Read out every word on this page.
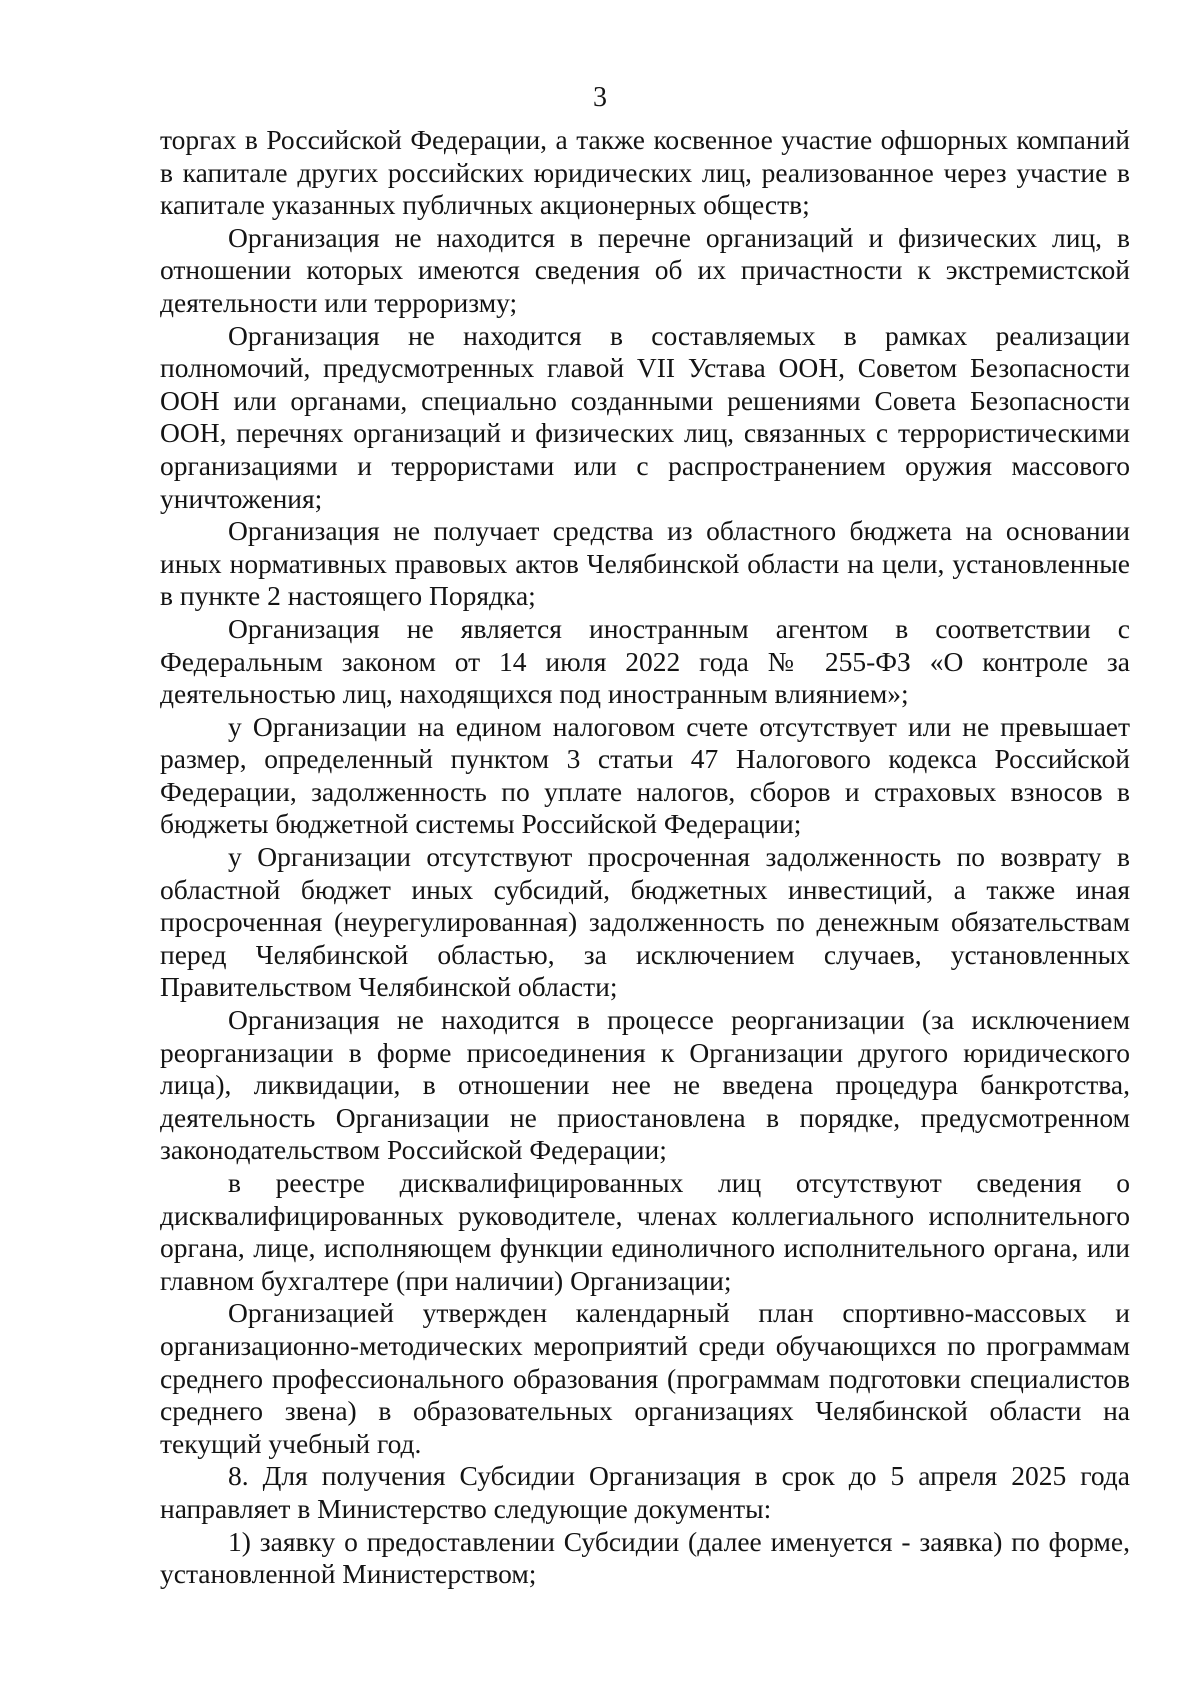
3

торгах в Российской Федерации, а также косвенное участие офшорных компаний в капитале других российских юридических лиц, реализованное через участие в капитале указанных публичных акционерных обществ;

Организация не находится в перечне организаций и физических лиц, в отношении которых имеются сведения об их причастности к экстремистской деятельности или терроризму;

Организация не находится в составляемых в рамках реализации полномочий, предусмотренных главой VII Устава ООН, Советом Безопасности ООН или органами, специально созданными решениями Совета Безопасности ООН, перечнях организаций и физических лиц, связанных с террористическими организациями и террористами или с распространением оружия массового уничтожения;

Организация не получает средства из областного бюджета на основании иных нормативных правовых актов Челябинской области на цели, установленные в пункте 2 настоящего Порядка;

Организация не является иностранным агентом в соответствии с Федеральным законом от 14 июля 2022 года № 255-ФЗ «О контроле за деятельностью лиц, находящихся под иностранным влиянием»;

у Организации на едином налоговом счете отсутствует или не превышает размер, определенный пунктом 3 статьи 47 Налогового кодекса Российской Федерации, задолженность по уплате налогов, сборов и страховых взносов в бюджеты бюджетной системы Российской Федерации;

у Организации отсутствуют просроченная задолженность по возврату в областной бюджет иных субсидий, бюджетных инвестиций, а также иная просроченная (неурегулированная) задолженность по денежным обязательствам перед Челябинской областью, за исключением случаев, установленных Правительством Челябинской области;

Организация не находится в процессе реорганизации (за исключением реорганизации в форме присоединения к Организации другого юридического лица), ликвидации, в отношении нее не введена процедура банкротства, деятельность Организации не приостановлена в порядке, предусмотренном законодательством Российской Федерации;

в реестре дисквалифицированных лиц отсутствуют сведения о дисквалифицированных руководителе, членах коллегиального исполнительного органа, лице, исполняющем функции единоличного исполнительного органа, или главном бухгалтере (при наличии) Организации;

Организацией утвержден календарный план спортивно-массовых и организационно-методических мероприятий среди обучающихся по программам среднего профессионального образования (программам подготовки специалистов среднего звена) в образовательных организациях Челябинской области на текущий учебный год.

8. Для получения Субсидии Организация в срок до 5 апреля 2025 года направляет в Министерство следующие документы:

1) заявку о предоставлении Субсидии (далее именуется - заявка) по форме, установленной Министерством;
